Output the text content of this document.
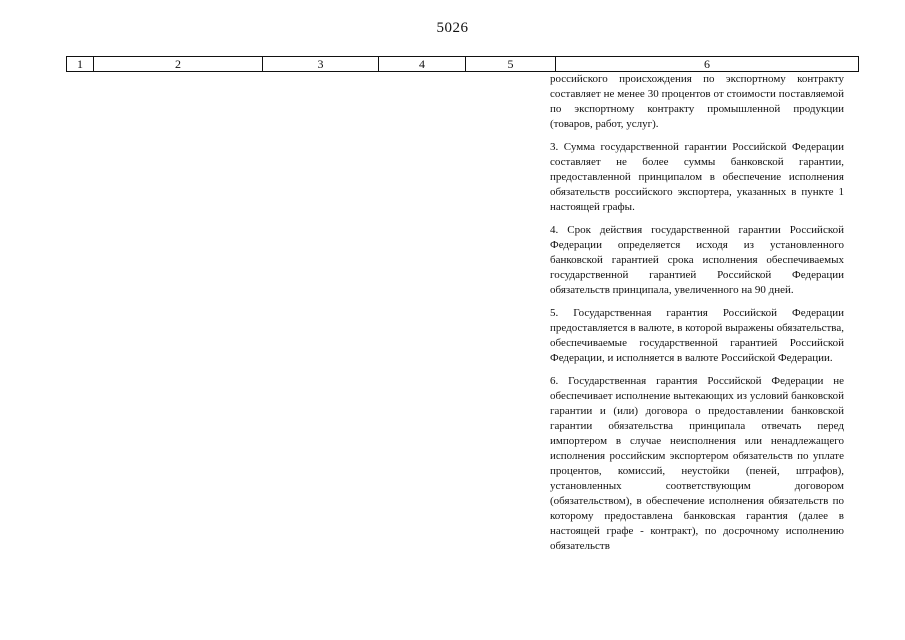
5026
1	2	3	4	5	6

российского происхождения по экспортному контракту составляет не менее 30 процентов от стоимости поставляемой по экспортному контракту промышленной продукции (товаров, работ, услуг).

3. Сумма государственной гарантии Российской Федерации составляет не более суммы банковской гарантии, предоставленной принципалом в обеспечение исполнения обязательств российского экспортера, указанных в пункте 1 настоящей графы.

4. Срок действия государственной гарантии Российской Федерации определяется исходя из установленного банковской гарантией срока исполнения обеспечиваемых государственной гарантией Российской Федерации обязательств принципала, увеличенного на 90 дней.

5. Государственная гарантия Российской Федерации предоставляется в валюте, в которой выражены обязательства, обеспечиваемые государственной гарантией Российской Федерации, и исполняется в валюте Российской Федерации.

6. Государственная гарантия Российской Федерации не обеспечивает исполнение вытекающих из условий банковской гарантии и (или) договора о предоставлении банковской гарантии обязательства принципала отвечать перед импортером в случае неисполнения или ненадлежащего исполнения российским экспортером обязательств по уплате процентов, комиссий, неустойки (пеней, штрафов), установленных соответствующим договором (обязательством), в обеспечение исполнения обязательств по которому предоставлена банковская гарантия (далее в настоящей графе - контракт), по досрочному исполнению обязательств
